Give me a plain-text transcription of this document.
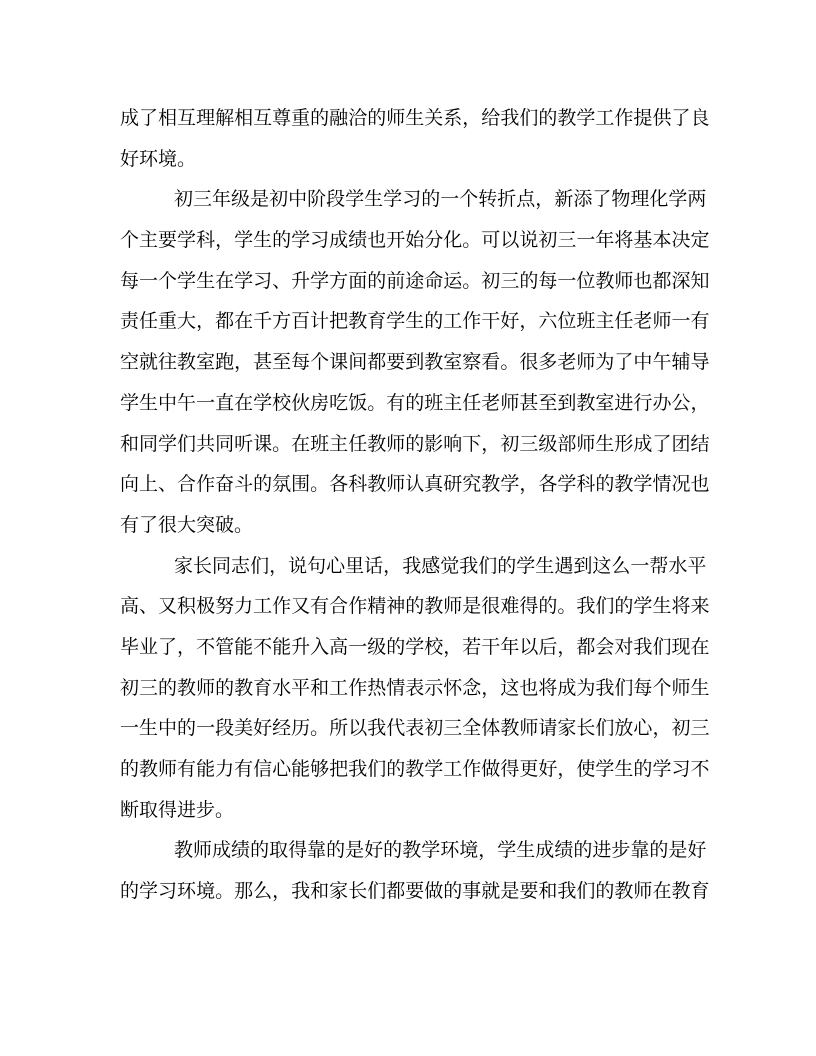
成 了 相 互 理 解 相 互 尊 重 的 融 洽 的 师 生 关 系 ， 给 我 们 的 教 学 工 作 提 供 了 良
好环境。
初 三 年 级 是 初 中 阶 段 学 生 学 习 的 一 个 转 折 点 ， 新 添 了 物 理 化 学 两
个 主 要 学 科 ， 学 生 的 学 习 成 绩 也 开 始 分 化 。 可 以 说 初 三 一 年 将 基 本 决 定
每 一 个 学 生 在 学 习 、 升 学 方 面 的 前 途 命 运 。 初 三 的 每 一 位 教 师 也 都 深 知
责 任 重 大 ， 都 在 千 方 百 计 把 教 育 学 生 的 工 作 干 好 ， 六 位 班 主 任 老 师 一 有
空 就 往 教 室 跑 ， 甚 至 每 个 课 间 都 要 到 教 室 察 看 。 很 多 老 师 为 了 中 午 辅 导
学 生 中 午 一 直 在 学 校 伙 房 吃 饭 。 有 的 班 主 任 老 师 甚 至 到 教 室 进 行 办 公 ，
和 同 学 们 共 同 听 课 。 在 班 主 任 教 师 的 影 响 下 ， 初 三 级 部 师 生 形 成 了 团 结
向 上 、 合 作 奋 斗 的 氛 围 。 各 科 教 师 认 真 研 究 教 学 ， 各 学 科 的 教 学 情 况 也
有了很大突破。
家 长 同 志 们 ， 说 句 心 里 话 ， 我 感 觉 我 们 的 学 生 遇 到 这 么 一 帮 水 平
高 、 又 积 极 努 力 工 作 又 有 合 作 精 神 的 教 师 是 很 难 得 的 。 我 们 的 学 生 将 来
毕 业 了 ， 不 管 能 不 能 升 入 高 一 级 的 学 校 ， 若 干 年 以 后 ， 都 会 对 我 们 现 在
初 三 的 教 师 的 教 育 水 平 和 工 作 热 情 表 示 怀 念 ， 这 也 将 成 为 我 们 每 个 师 生
一 生 中 的 一 段 美 好 经 历 。 所 以 我 代 表 初 三 全 体 教 师 请 家 长 们 放 心 ， 初 三
的 教 师 有 能 力 有 信 心 能 够 把 我 们 的 教 学 工 作 做 得 更 好 ， 使 学 生 的 学 习 不
断取得进步。
教 师 成 绩 的 取 得 靠 的 是 好 的 教 学 环 境 ， 学 生 成 绩 的 进 步 靠 的 是 好
的 学 习 环 境 。 那 么 ， 我 和 家 长 们 都 要 做 的 事 就 是 要 和 我 们 的 教 师 在 教 育
